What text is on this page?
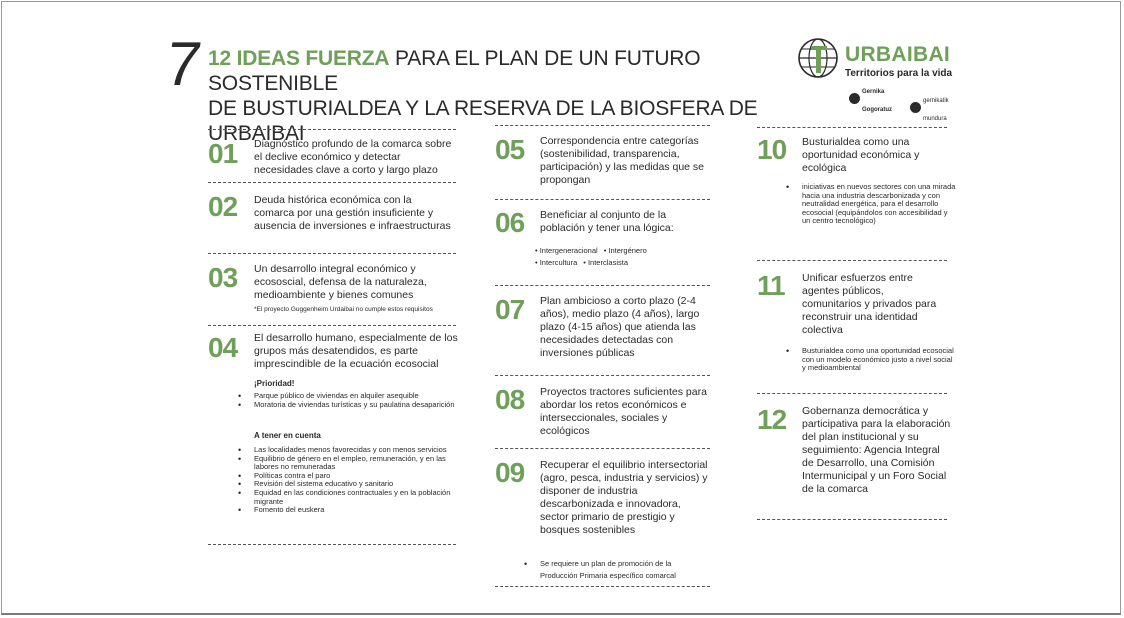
7 12 IDEAS FUERZA PARA EL PLAN DE UN FUTURO SOSTENIBLE
DE BUSTURIALDEA Y LA RESERVA DE LA BIOSFERA DE URBAIBAI
URBAIBAI
Territorios para la vida
Gernika

Gogoratuz
gernikatik
mundura
01 Diagnóstico profundo de la comarca sobre el declive económico y detectar necesidades clave a corto y largo plazo
02 Deuda histórica económica con la comarca por una gestión insuficiente y ausencia de inversiones e infraestructuras
03 Un desarrollo integral económico y ecososcial, defensa de la naturaleza, medioambiente y bienes comunes
*El proyecto Guggenheim Urdaibai no cumple estos requisitos
04 El desarrollo humano, especialmente de los grupos más desatendidos, es parte imprescindible de la ecuación ecosocial
¡Prioridad!
• Parque público de viviendas en alquiler asequible
• Moratoria de viviendas turísticas y su paulatina desaparición
A tener en cuenta
• Las localidades menos favorecidas y con menos servicios
• Equilibrio de género en el empleo, remuneración, y en las labores no remuneradas
• Políticas contra el paro
• Revisión del sistema educativo y sanitario
• Equidad en las condiciones contractuales y en la población migrante
• Fomento del euskera
05 Correspondencia entre categorías (sostenibilidad, transparencia, participación) y las medidas que se propongan
06 Beneficiar al conjunto de la población y tener una lógica:
• Intergeneracional • Intergénero
• Intercultura • Interclasista
07 Plan ambicioso a corto plazo (2-4 años), medio plazo (4 años), largo plazo (4-15 años) que atienda las necesidades detectadas con inversiones públicas
08 Proyectos tractores suficientes para abordar los retos económicos e interseccionales, sociales y ecológicos
09 Recuperar el equilibrio intersectorial (agro, pesca, industria y servicios) y disponer de industria descarbonizada e innovadora, sector primario de prestigio y bosques sostenibles
• Se requiere un plan de promoción de la Producción Primaria específico comarcal
10 Busturialdea como una oportunidad económica y ecológica
• iniciativas en nuevos sectores con una mirada hacia una industria descarbonizada y con neutralidad energética, para el desarrollo ecosocial (equipándolos con accesibilidad y un centro tecnológico)
11 Unificar esfuerzos entre agentes públicos, comunitarios y privados para reconstruir una identidad colectiva
• Busturialdea como una oportunidad ecosocial con un modelo económico justo a nivel social y medioambiental
12 Gobernanza democrática y participativa para la elaboración del plan institucional y su seguimiento: Agencia Integral de Desarrollo, una Comisión Intermunicipal y un Foro Social de la comarca
